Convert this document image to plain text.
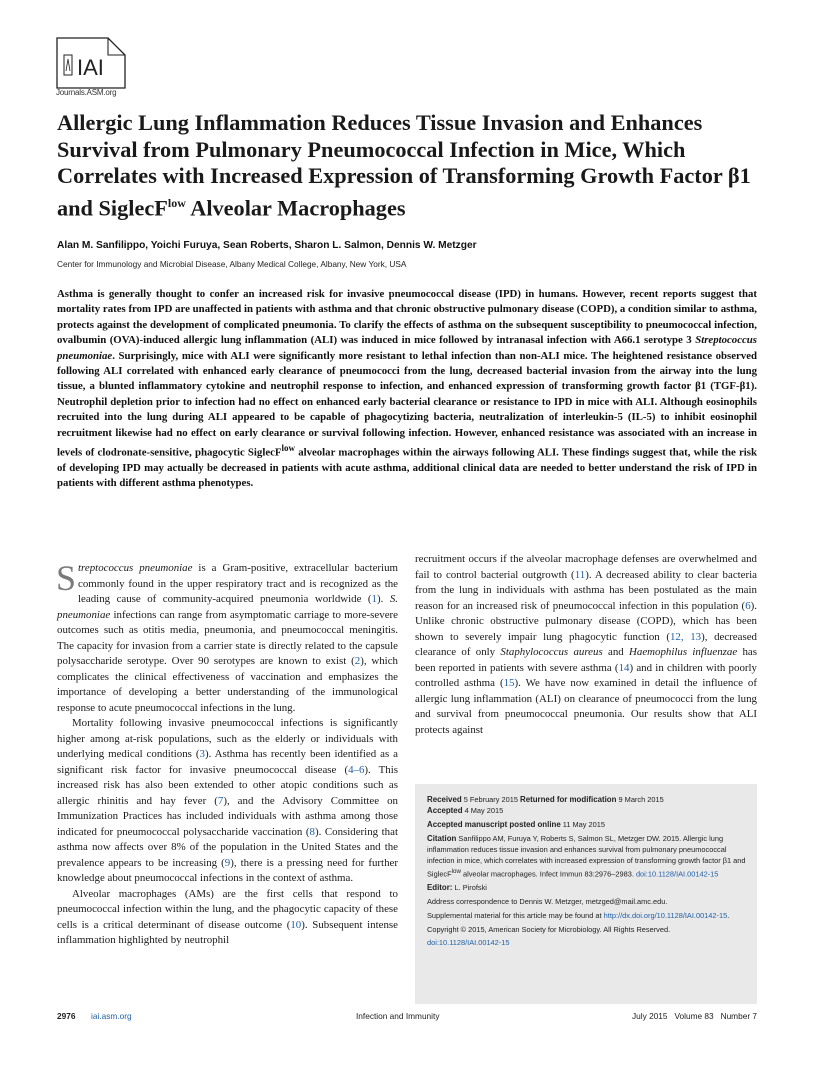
IAI
Journals.ASM.org
Allergic Lung Inflammation Reduces Tissue Invasion and Enhances Survival from Pulmonary Pneumococcal Infection in Mice, Which Correlates with Increased Expression of Transforming Growth Factor β1 and SiglecF$^{low}$ Alveolar Macrophages
Alan M. Sanfilippo, Yoichi Furuya, Sean Roberts, Sharon L. Salmon, Dennis W. Metzger
Center for Immunology and Microbial Disease, Albany Medical College, Albany, New York, USA

Asthma is generally thought to confer an increased risk for invasive pneumococcal disease (IPD) in humans. However, recent reports suggest that mortality rates from IPD are unaffected in patients with asthma and that chronic obstructive pulmonary disease (COPD), a condition similar to asthma, protects against the development of complicated pneumonia. To clarify the effects of asthma on the subsequent susceptibility to pneumococcal infection, ovalbumin (OVA)-induced allergic lung inflammation (ALI) was induced in mice followed by intranasal infection with A66.1 serotype 3 Streptococcus pneumoniae. Surprisingly, mice with ALI were significantly more resistant to lethal infection than non-ALI mice. The heightened resistance observed following ALI correlated with enhanced early clearance of pneumococci from the lung, decreased bacterial invasion from the airway into the lung tissue, a blunted inflammatory cytokine and neutrophil response to infection, and enhanced expression of transforming growth factor β1 (TGF-β1). Neutrophil depletion prior to infection had no effect on enhanced early bacterial clearance or resistance to IPD in mice with ALI. Although eosinophils recruited into the lung during ALI appeared to be capable of phagocytizing bacteria, neutralization of interleukin-5 (IL-5) to inhibit eosinophil recruitment likewise had no effect on early clearance or survival following infection. However, enhanced resistance was associated with an increase in levels of clodronate-sensitive, phagocytic SiglecF$^{low}$ alveolar macrophages within the airways following ALI. These findings suggest that, while the risk of developing IPD may actually be decreased in patients with acute asthma, additional clinical data are needed to better understand the risk of IPD in patients with different asthma phenotypes.

Streptococcus pneumoniae is a Gram-positive, extracellular bacterium commonly found in the upper respiratory tract and is recognized as the leading cause of community-acquired pneumonia worldwide (1). S. pneumoniae infections can range from asymptomatic carriage to more-severe outcomes such as otitis media, pneumonia, and pneumococcal meningitis. The capacity for invasion from a carrier state is directly related to the capsule polysaccharide serotype. Over 90 serotypes are known to exist (2), which complicates the clinical effectiveness of vaccination and emphasizes the importance of developing a better understanding of the immunological response to acute pneumococcal infections in the lung.

Mortality following invasive pneumococcal infections is significantly higher among at-risk populations, such as the elderly or individuals with underlying medical conditions (3). Asthma has recently been identified as a significant risk factor for invasive pneumococcal disease (4–6). This increased risk has also been extended to other atopic conditions such as allergic rhinitis and hay fever (7), and the Advisory Committee on Immunization Practices has included individuals with asthma among those indicated for pneumococcal polysaccharide vaccination (8). Considering that asthma now affects over 8% of the population in the United States and the prevalence appears to be increasing (9), there is a pressing need for further knowledge about pneumococcal infections in the context of asthma.

Alveolar macrophages (AMs) are the first cells that respond to pneumococcal infection within the lung, and the phagocytic capacity of these cells is a critical determinant of disease outcome (10). Subsequent intense inflammation highlighted by neutrophil

recruitment occurs if the alveolar macrophage defenses are overwhelmed and fail to control bacterial outgrowth (11). A decreased ability to clear bacteria from the lung in individuals with asthma has been postulated as the main reason for an increased risk of pneumococcal infection in this population (6). Unlike chronic obstructive pulmonary disease (COPD), which has been shown to severely impair lung phagocytic function (12, 13), decreased clearance of only Staphylococcus aureus and Haemophilus influenzae has been reported in patients with severe asthma (14) and in children with poorly controlled asthma (15). We have now examined in detail the influence of allergic lung inflammation (ALI) on clearance of pneumococci from the lung and survival from pneumococcal pneumonia. Our results show that ALI protects against

Received 5 February 2015 Returned for modification 9 March 2015
Accepted 4 May 2015
Accepted manuscript posted online 11 May 2015
Citation Sanfilippo AM, Furuya Y, Roberts S, Salmon SL, Metzger DW. 2015. Allergic lung inflammation reduces tissue invasion and enhances survival from pulmonary pneumococcal infection in mice, which correlates with increased expression of transforming growth factor β1 and SiglecF$^{low}$ alveolar macrophages. Infect Immun 83:2976–2983. doi:10.1128/IAI.00142-15
Editor: L. Pirofski
Address correspondence to Dennis W. Metzger, metzged@mail.amc.edu.
Supplemental material for this article may be found at http://dx.doi.org/10.1128/IAI.00142-15.
Copyright © 2015, American Society for Microbiology. All Rights Reserved.
doi:10.1128/IAI.00142-15
2976 iai.asm.org	Infection and Immunity	July 2015   Volume 83   Number 7
